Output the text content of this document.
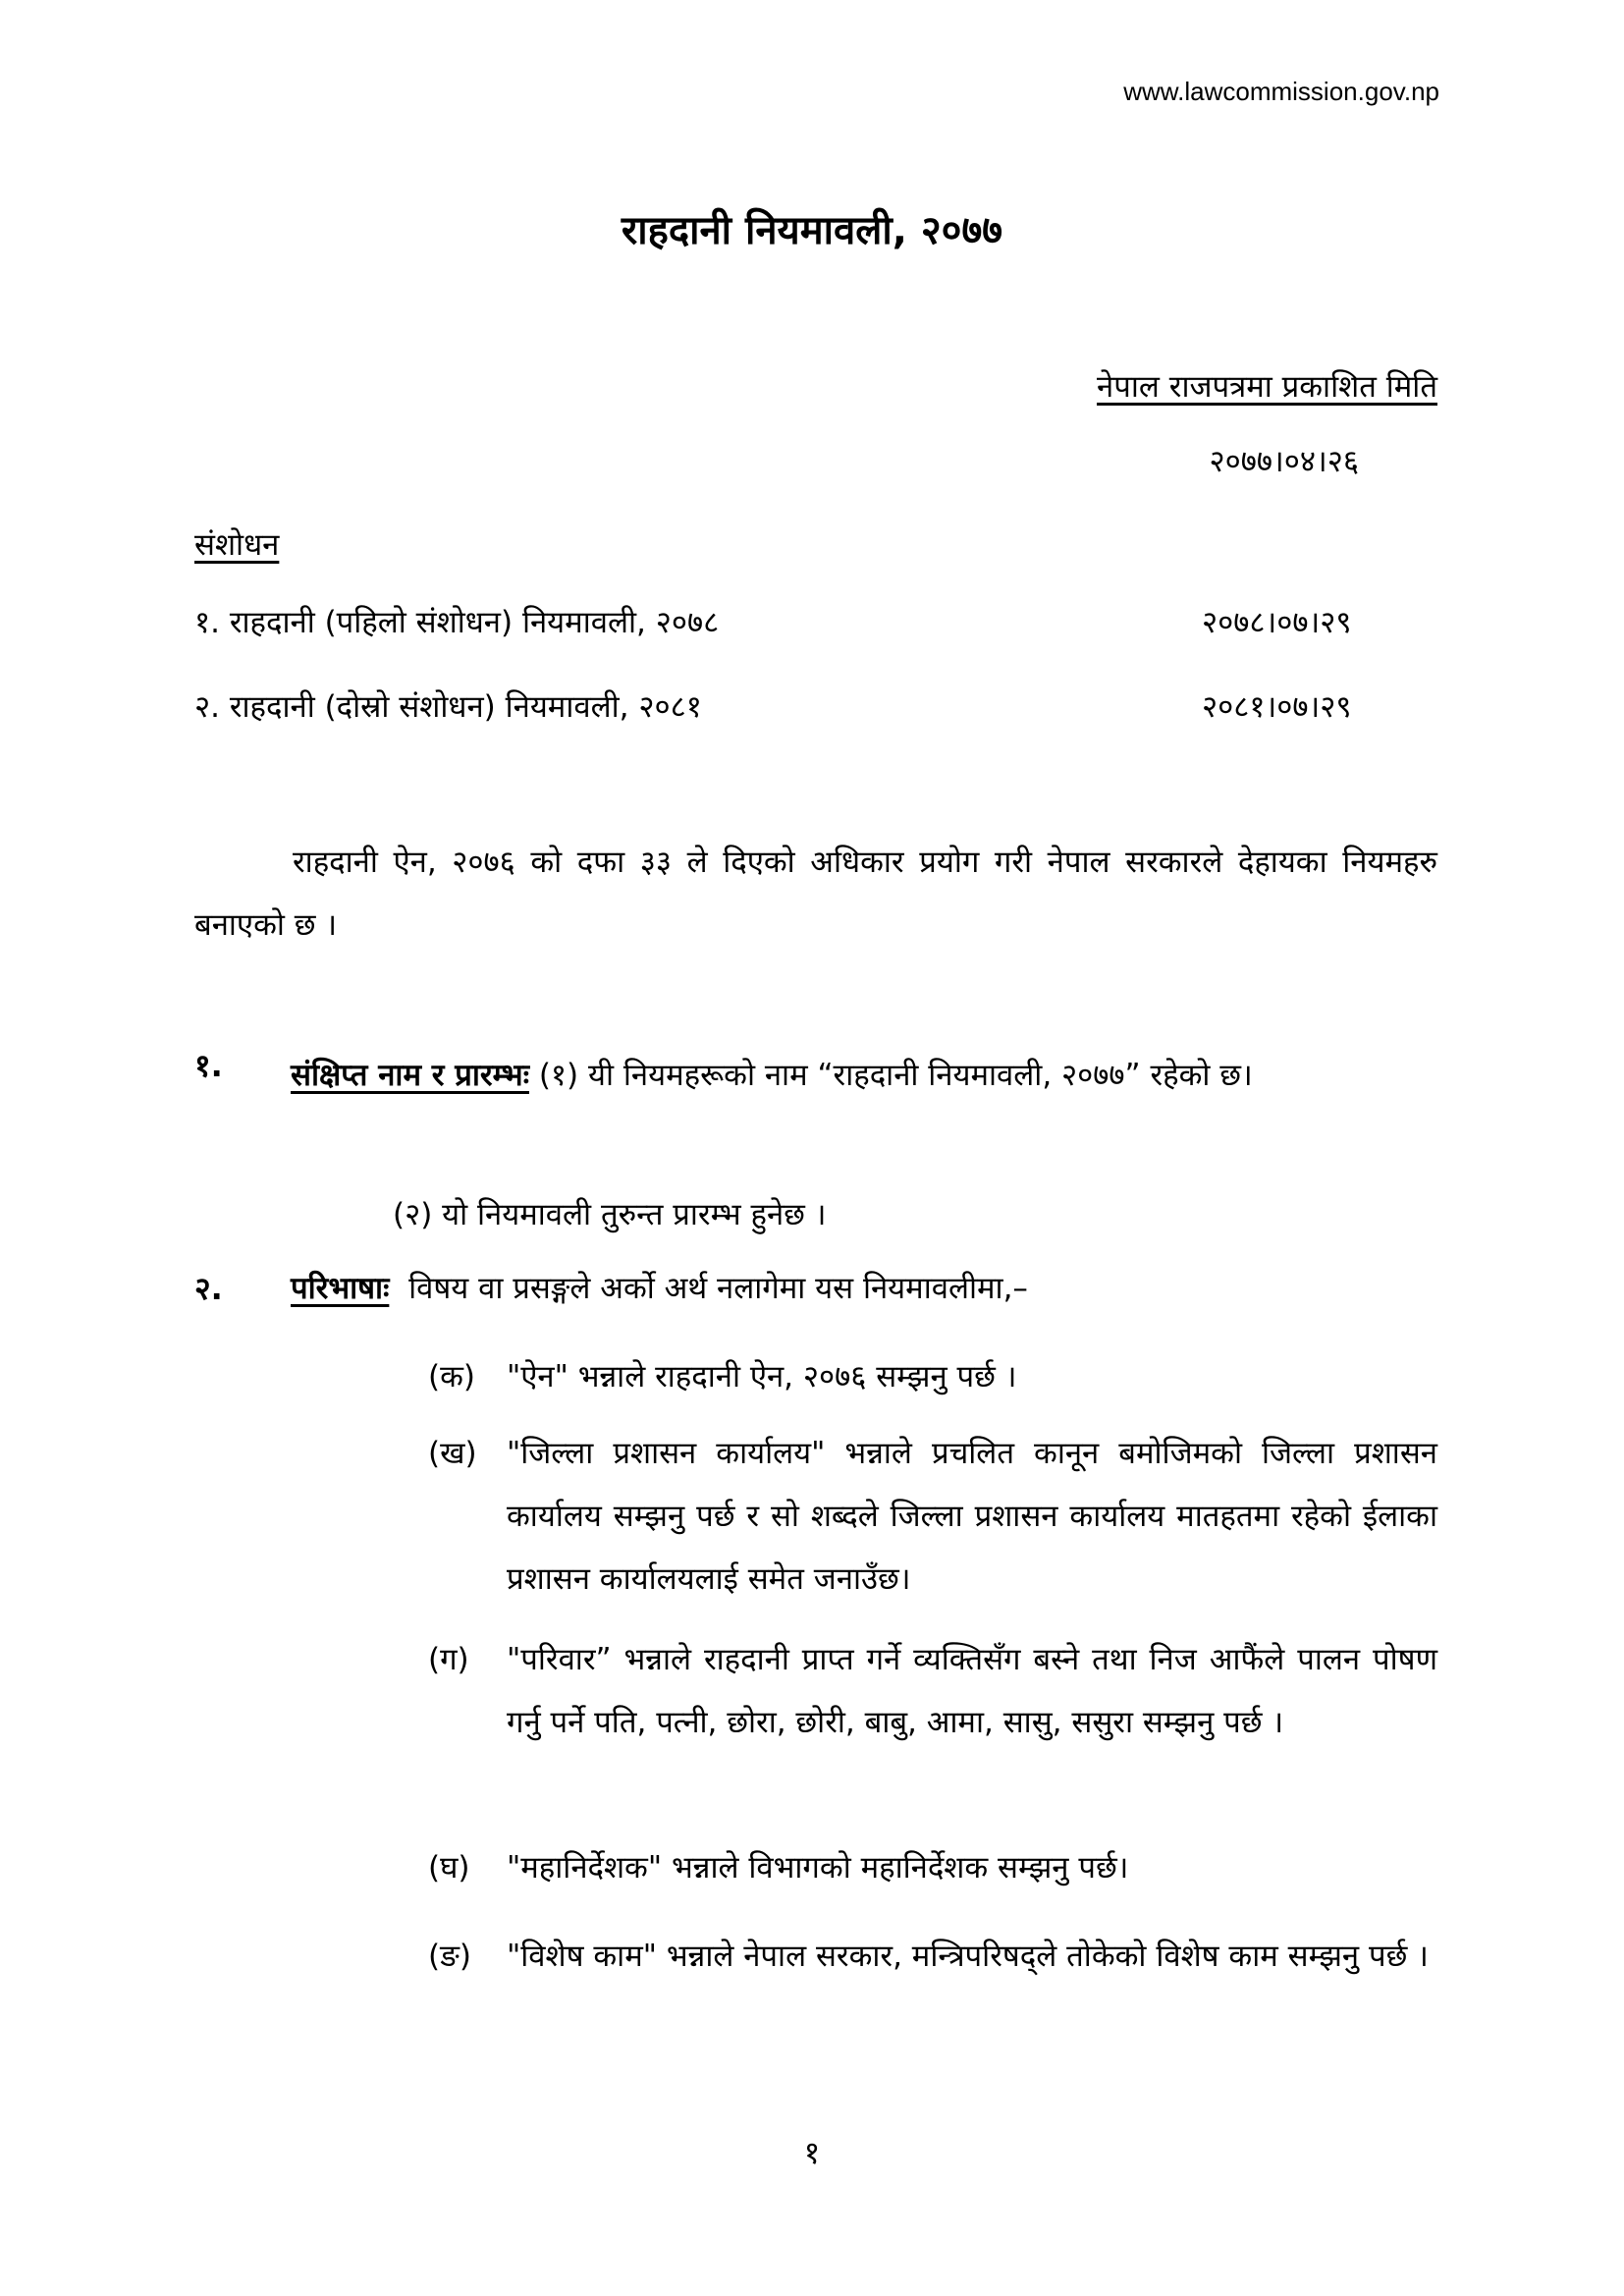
www.lawcommission.gov.np
राहदानी नियमावली, २०७७
नेपाल राजपत्रमा प्रकाशित मिति
२०७७।०४।२६
संशोधन
१. राहदानी (पहिलो संशोधन) नियमावली, २०७८	२०७८।०७।२९
२. राहदानी (दोस्रो संशोधन) नियमावली, २०८१	२०८१।०७।२९
राहदानी ऐन, २०७६ को दफा ३३ ले दिएको अधिकार प्रयोग गरी नेपाल सरकारले देहायका नियमहरु बनाएको छ ।
१. संक्षिप्त नाम र प्रारम्भः (१) यी नियमहरूको नाम “राहदानी नियमावली, २०७७” रहेको छ।
(२) यो नियमावली तुरुन्त प्रारम्भ हुनेछ ।
२. परिभाषाः विषय वा प्रसङ्गले अर्को अर्थ नलागेमा यस नियमावलीमा,–
(क)	"ऐन" भन्नाले राहदानी ऐन, २०७६ सम्झनु पर्छ ।
(ख) "जिल्ला प्रशासन कार्यालय" भन्नाले प्रचलित कानून बमोजिमको जिल्ला प्रशासन कार्यालय सम्झनु पर्छ र सो शब्दले जिल्ला प्रशासन कार्यालय मातहतमा रहेको ईलाका प्रशासन कार्यालयलाई समेत जनाउँछ।
(ग)	"परिवार” भन्नाले राहदानी प्राप्त गर्ने व्यक्तिसँग बस्ने तथा निज आफैंले पालन पोषण गर्नु पर्ने पति, पत्नी, छोरा, छोरी, बाबु, आमा, सासु, ससुरा सम्झनु पर्छ ।
(घ)	"महानिर्देशक" भन्नाले विभागको महानिर्देशक सम्झनु पर्छ।
(ङ)	"विशेष काम" भन्नाले नेपाल सरकार, मन्त्रिपरिषद्ले तोकेको विशेष काम सम्झनु पर्छ ।
१
